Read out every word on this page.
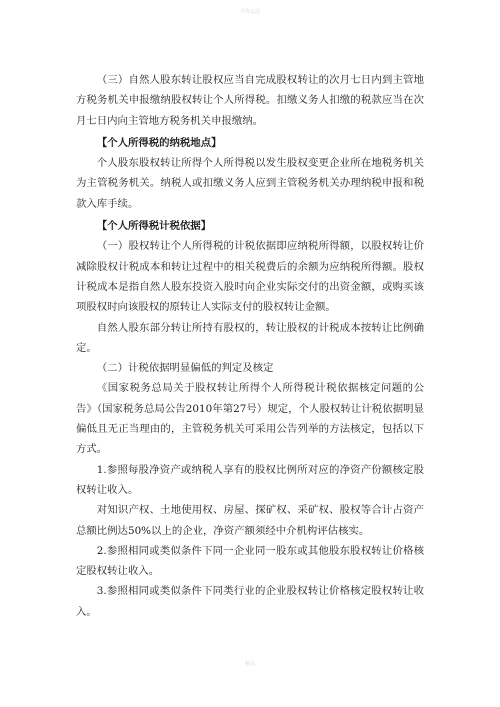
学海无涯

（三）自然人股东转让股权应当自完成股权转让的次月七日内到主管地方税务机关申报缴纳股权转让个人所得税。扣缴义务人扣缴的税款应当在次月七日内向主管地方税务机关申报缴纳。

【个人所得税的纳税地点】

个人股东股权转让所得个人所得税以发生股权变更企业所在地税务机关为主管税务机关。纳税人或扣缴义务人应到主管税务机关办理纳税申报和税款入库手续。

【个人所得税计税依据】

（一）股权转让个人所得税的计税依据即应纳税所得额，以股权转让价减除股权计税成本和转让过程中的相关税费后的余额为应纳税所得额。股权计税成本是指自然人股东投资入股时向企业实际交付的出资金额，或购买该项股权时向该股权的原转让人实际支付的股权转让金额。

自然人股东部分转让所持有股权的，转让股权的计税成本按转让比例确定。

（二）计税依据明显偏低的判定及核定

《国家税务总局关于股权转让所得个人所得税计税依据核定问题的公告》（国家税务总局公告2010年第27号）规定，个人股权转让计税依据明显偏低且无正当理由的，主管税务机关可采用公告列举的方法核定，包括以下方式。

1.参照每股净资产或纳税人享有的股权比例所对应的净资产份额核定股权转让收入。

对知识产权、土地使用权、房屋、探矿权、采矿权、股权等合计占资产总额比例达50%以上的企业，净资产额须经中介机构评估核实。

2.参照相同或类似条件下同一企业同一股东或其他股东股权转让价格核定股权转让收入。

3.参照相同或类似条件下同类行业的企业股权转让价格核定股权转让收入。

精品
